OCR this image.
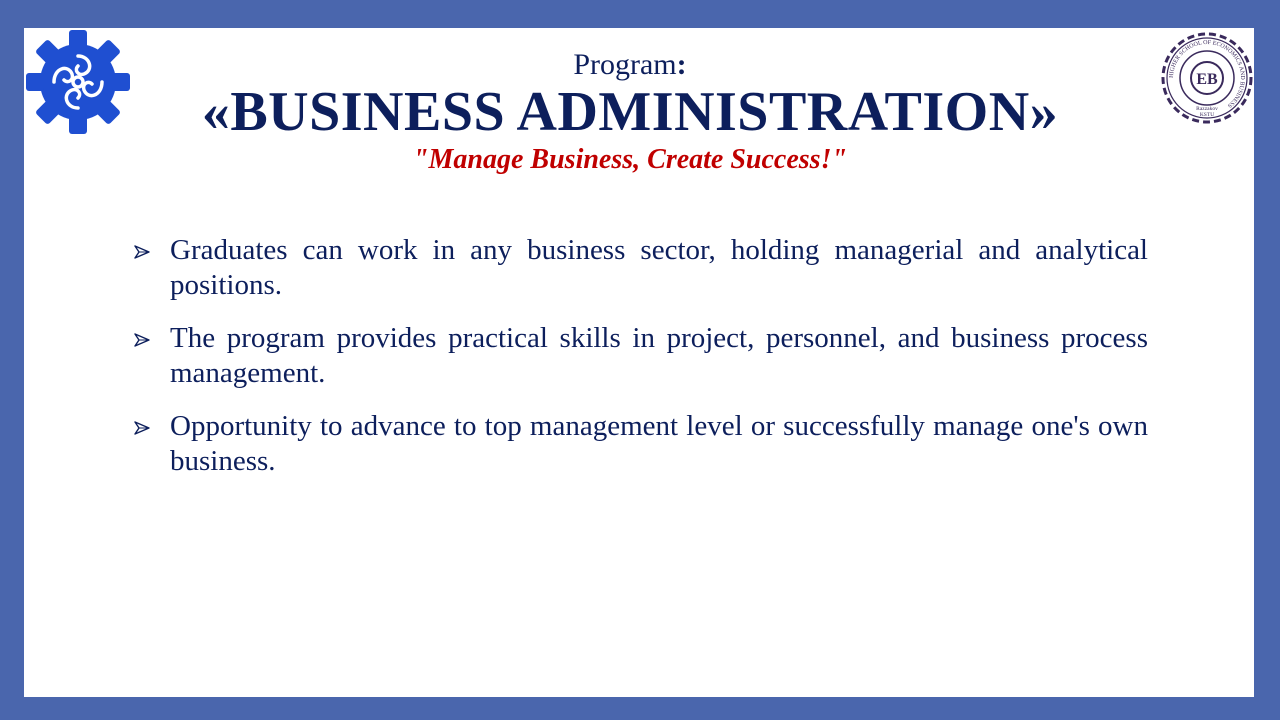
HIGHER SCHOOL OF ECONOMICS AND BUSINESS
EB
Razzakov
KSTU
Program:
«BUSINESS ADMINISTRATION»
"Manage Business, Create Success!"
Graduates can work in any business sector, holding managerial and analytical positions.
The program provides practical skills in project, personnel, and business process management.
Opportunity to advance to top management level or successfully manage one's own business.
